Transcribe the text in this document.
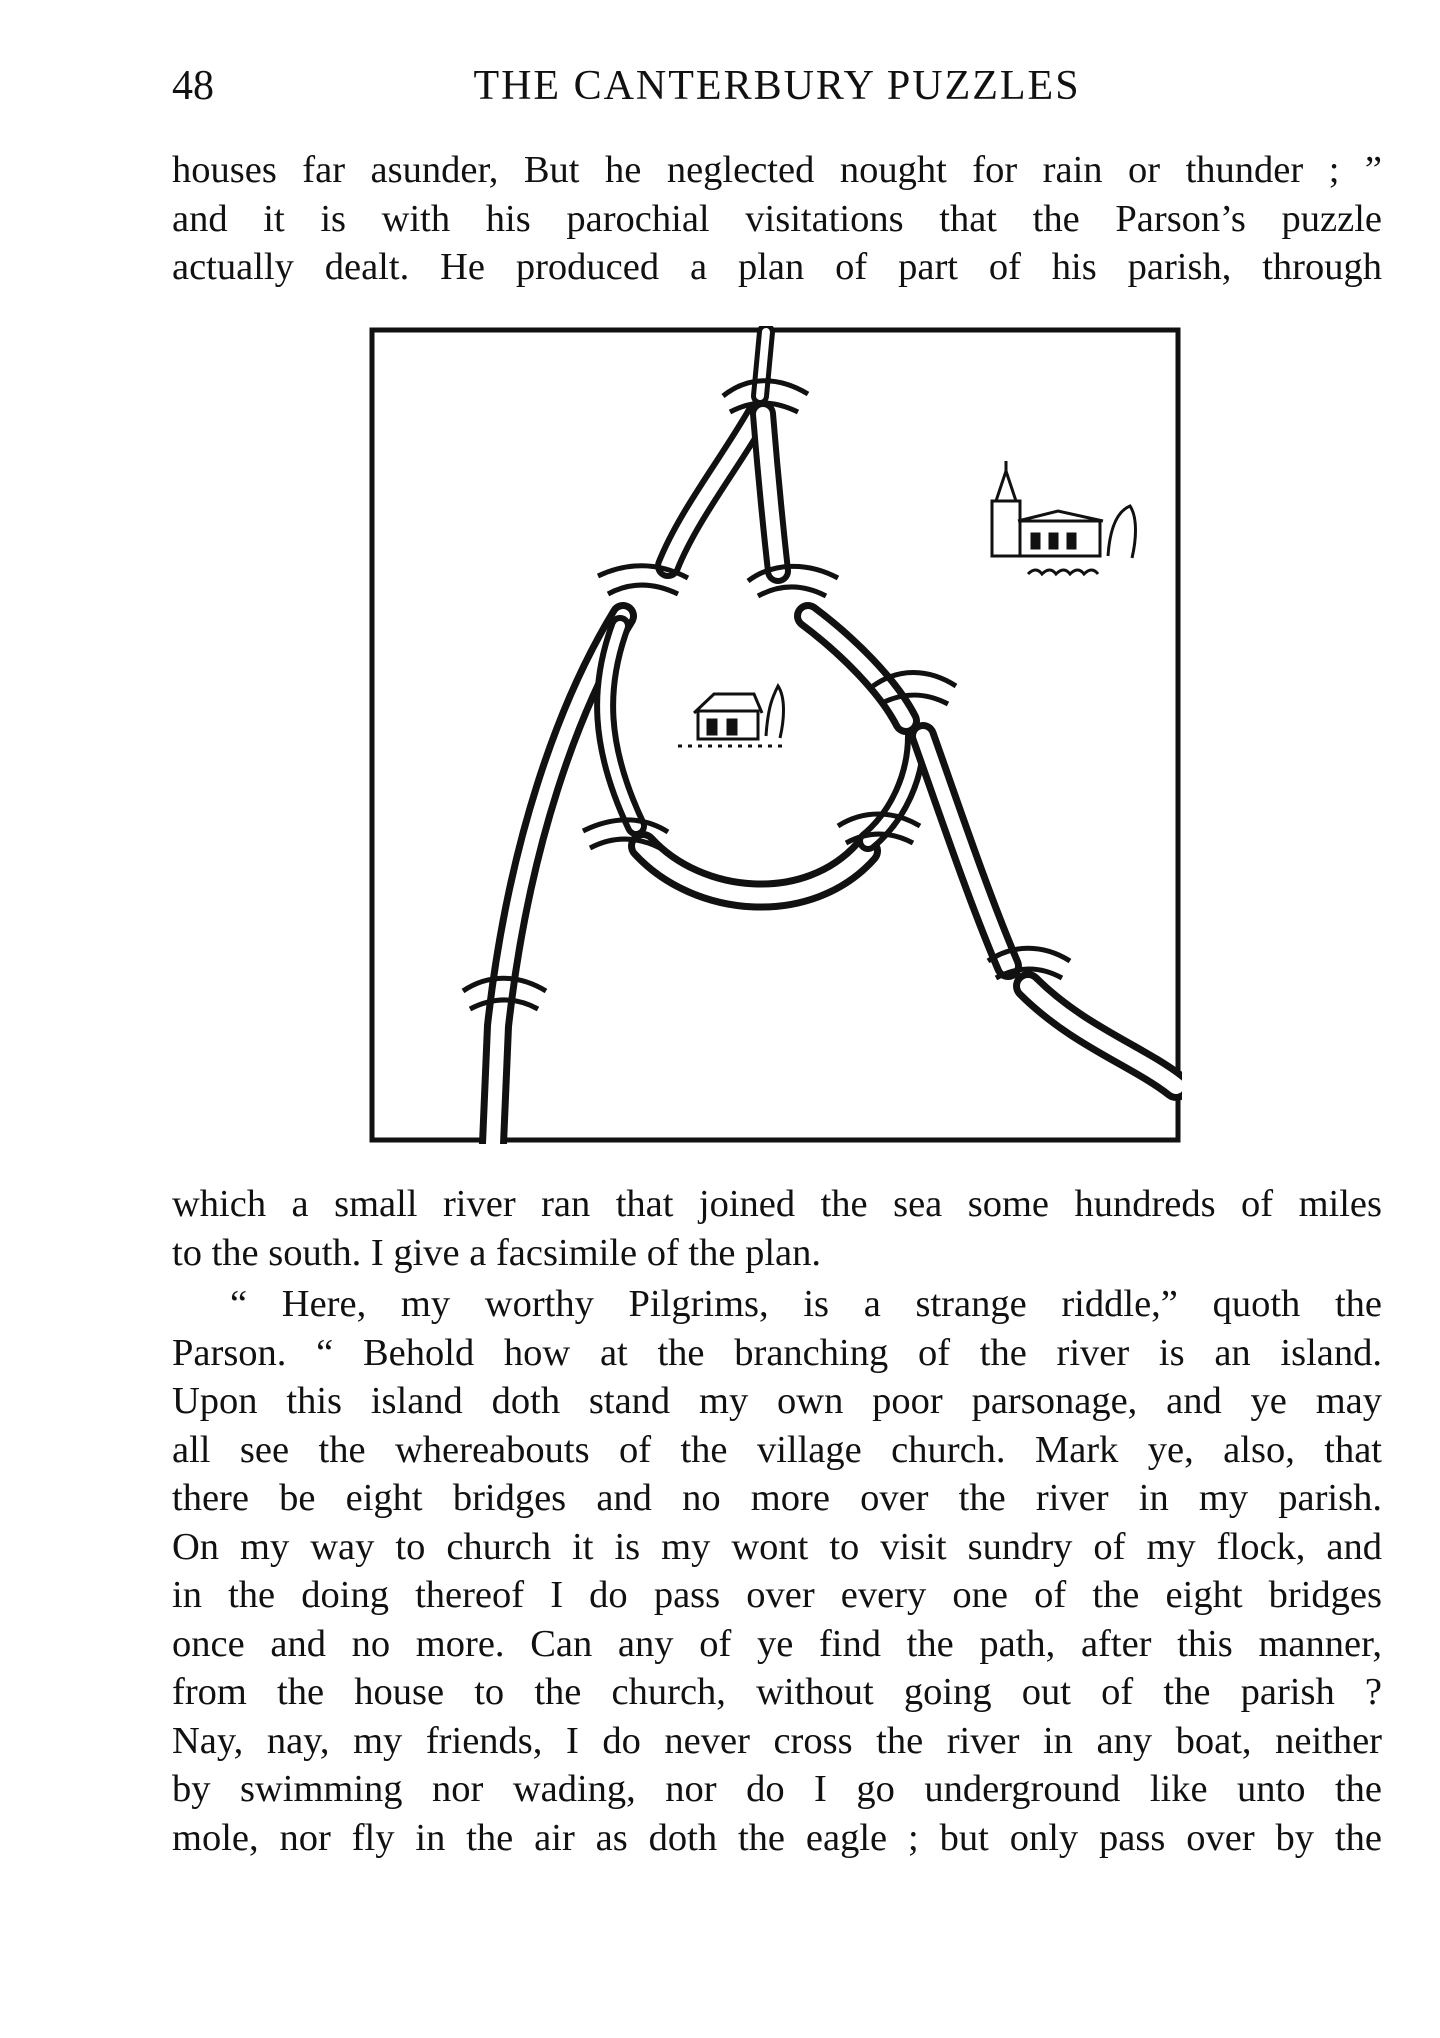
48	THE CANTERBURY PUZZLES
houses far asunder, But he neglected nought for rain or thunder ; ”
and it is with his parochial visitations that the Parson’s puzzle
actually dealt. He produced a plan of part of his parish, through
which a small river ran that joined the sea some hundreds of miles
to the south. I give a facsimile of the plan.
“ Here, my worthy Pilgrims, is a strange riddle,” quoth the
Parson. “ Behold how at the branching of the river is an island.
Upon this island doth stand my own poor parsonage, and ye may
all see the whereabouts of the village church. Mark ye, also, that
there be eight bridges and no more over the river in my parish.
On my way to church it is my wont to visit sundry of my flock, and
in the doing thereof I do pass over every one of the eight bridges
once and no more. Can any of ye find the path, after this manner,
from the house to the church, without going out of the parish ?
Nay, nay, my friends, I do never cross the river in any boat, neither
by swimming nor wading, nor do I go underground like unto the
mole, nor fly in the air as doth the eagle ; but only pass over by the
